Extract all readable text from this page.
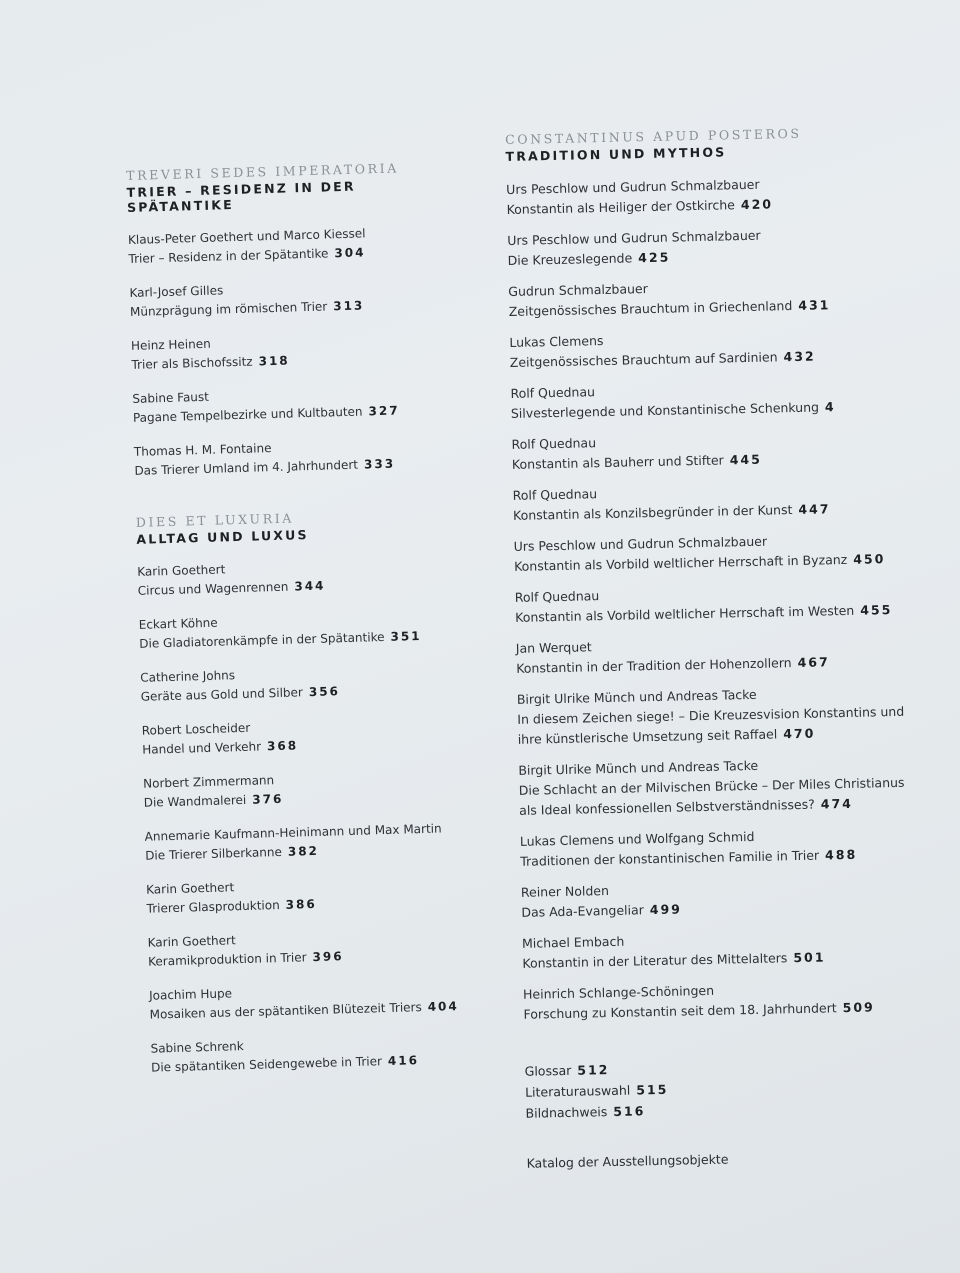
TREVERI SEDES IMPERATORIA
TRIER – RESIDENZ IN DER SPÄTANTIKE
Klaus-Peter Goethert und Marco Kiessel
Trier – Residenz in der Spätantike 304
Karl-Josef Gilles
Münzprägung im römischen Trier 313
Heinz Heinen
Trier als Bischofssitz 318
Sabine Faust
Pagane Tempelbezirke und Kultbauten 327
Thomas H. M. Fontaine
Das Trierer Umland im 4. Jahrhundert 333
DIES ET LUXURIA
ALLTAG UND LUXUS
Karin Goethert
Circus und Wagenrennen 344
Eckart Köhne
Die Gladiatorenkämpfe in der Spätantike 351
Catherine Johns
Geräte aus Gold und Silber 356
Robert Loscheider
Handel und Verkehr 368
Norbert Zimmermann
Die Wandmalerei 376
Annemarie Kaufmann-Heinimann und Max Martin
Die Trierer Silberkanne 382
Karin Goethert
Trierer Glasproduktion 386
Karin Goethert
Keramikproduktion in Trier 396
Joachim Hupe
Mosaiken aus der spätantiken Blütezeit Triers 404
Sabine Schrenk
Die spätantiken Seidengewebe in Trier 416
CONSTANTINUS APUD POSTEROS
TRADITION UND MYTHOS
Urs Peschlow und Gudrun Schmalzbauer
Konstantin als Heiliger der Ostkirche 420
Urs Peschlow und Gudrun Schmalzbauer
Die Kreuzeslegende 425
Gudrun Schmalzbauer
Zeitgenössisches Brauchtum in Griechenland 431
Lukas Clemens
Zeitgenössisches Brauchtum auf Sardinien 432
Rolf Quednau
Silvesterlegende und Konstantinische Schenkung 4
Rolf Quednau
Konstantin als Bauherr und Stifter 445
Rolf Quednau
Konstantin als Konzilsbegründer in der Kunst 447
Urs Peschlow und Gudrun Schmalzbauer
Konstantin als Vorbild weltlicher Herrschaft in Byzanz 450
Rolf Quednau
Konstantin als Vorbild weltlicher Herrschaft im Westen 455
Jan Werquet
Konstantin in der Tradition der Hohenzollern 467
Birgit Ulrike Münch und Andreas Tacke
In diesem Zeichen siege! – Die Kreuzesvision Konstantins und ihre künstlerische Umsetzung seit Raffael 470
Birgit Ulrike Münch und Andreas Tacke
Die Schlacht an der Milvischen Brücke – Der Miles Christianus als Ideal konfessionellen Selbstverständnisses? 474
Lukas Clemens und Wolfgang Schmid
Traditionen der konstantinischen Familie in Trier 488
Reiner Nolden
Das Ada-Evangeliar 499
Michael Embach
Konstantin in der Literatur des Mittelalters 501
Heinrich Schlange-Schöningen
Forschung zu Konstantin seit dem 18. Jahrhundert 509
Glossar 512
Literaturauswahl 515
Bildnachweis 516
Katalog der Ausstellungsobjekte
